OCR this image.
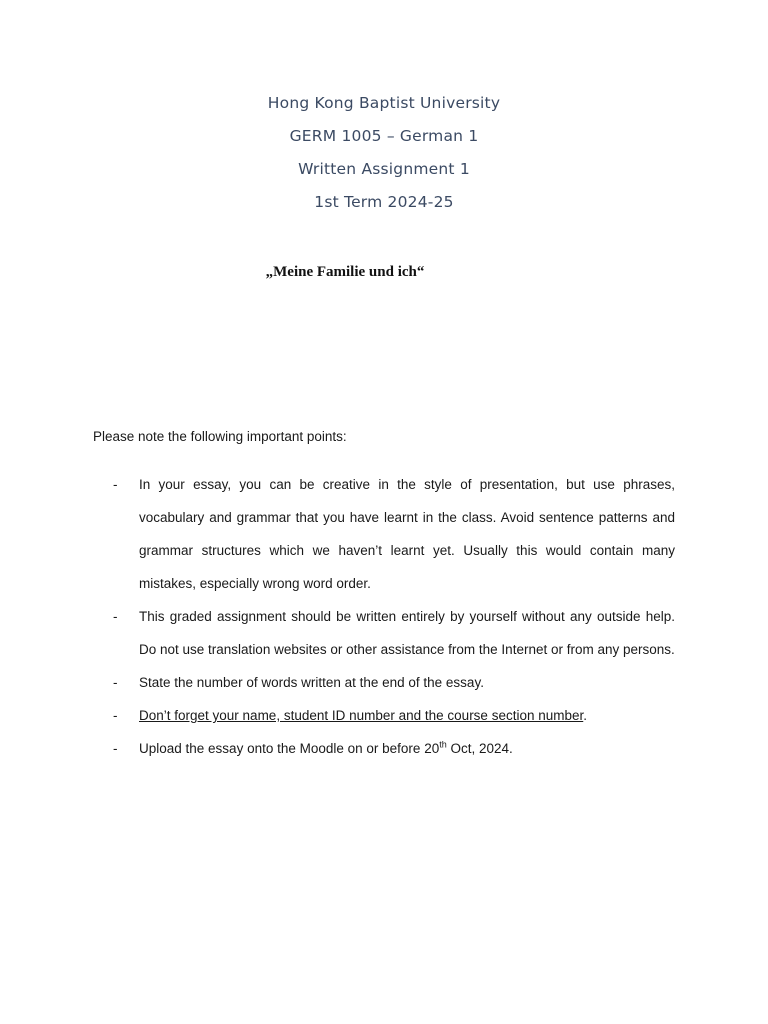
Hong Kong Baptist University
GERM 1005 – German 1
Written Assignment 1
1st Term 2024-25
„Meine Familie und ich“
Please note the following important points:
- In your essay, you can be creative in the style of presentation, but use phrases, vocabulary and grammar that you have learnt in the class. Avoid sentence patterns and grammar structures which we haven’t learnt yet. Usually this would contain many mistakes, especially wrong word order.
- This graded assignment should be written entirely by yourself without any outside help. Do not use translation websites or other assistance from the Internet or from any persons.
- State the number of words written at the end of the essay.
- Don’t forget your name, student ID number and the course section number.
- Upload the essay onto the Moodle on or before 20th Oct, 2024.
